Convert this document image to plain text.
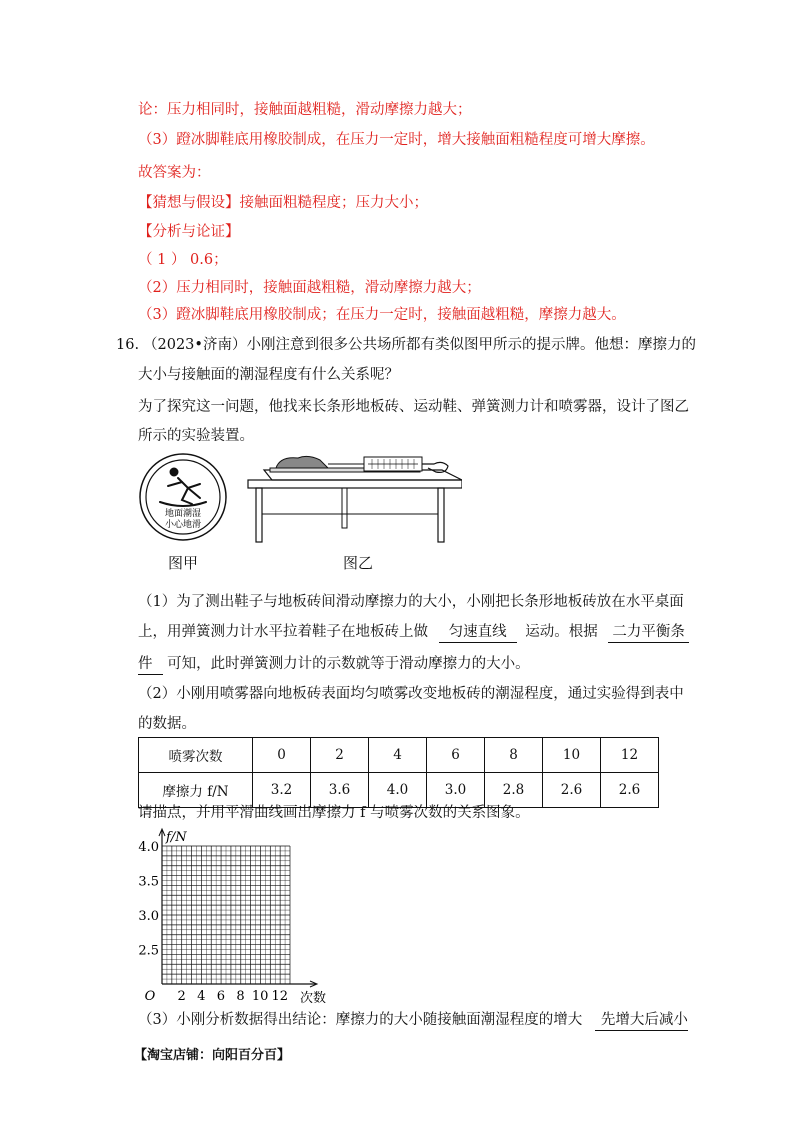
论：压力相同时，接触面越粗糙，滑动摩擦力越大；
（3）蹬冰脚鞋底用橡胶制成，在压力一定时，增大接触面粗糙程度可增大摩擦。
故答案为：
【猜想与假设】接触面粗糙程度；压力大小；
【分析与论证】
（ 1 ） 0.6；
（2）压力相同时，接触面越粗糙，滑动摩擦力越大；
（3）蹬冰脚鞋底用橡胶制成；在压力一定时，接触面越粗糙，摩擦力越大。
16. （2023•济南）小刚注意到很多公共场所都有类似图甲所示的提示牌。他想：摩擦力的
大小与接触面的潮湿程度有什么关系呢？
为了探究这一问题，他找来长条形地板砖、运动鞋、弹簧测力计和喷雾器，设计了图乙
所示的实验装置。
地面潮湿
小心地滑
图甲	图乙
（1）为了测出鞋子与地板砖间滑动摩擦力的大小，小刚把长条形地板砖放在水平桌面
上，用弹簧测力计水平拉着鞋子在地板砖上做 匀速直线 运动。根据 二力平衡条
件 可知，此时弹簧测力计的示数就等于滑动摩擦力的大小。
（2）小刚用喷雾器向地板砖表面均匀喷雾改变地板砖的潮湿程度，通过实验得到表中
的数据。
喷雾次数	0	2	4	6	8	10	12
摩擦力 f/N	3.2	3.6	4.0	3.0	2.8	2.6	2.6
请描点，并用平滑曲线画出摩擦力 f 与喷雾次数的关系图象。
4.0
3.5
3.0
2.5
2 4 6 8 10 12
O
f/N
次数
（3）小刚分析数据得出结论：摩擦力的大小随接触面潮湿程度的增大 先增大后减小
【淘宝店铺：向阳百分百】
